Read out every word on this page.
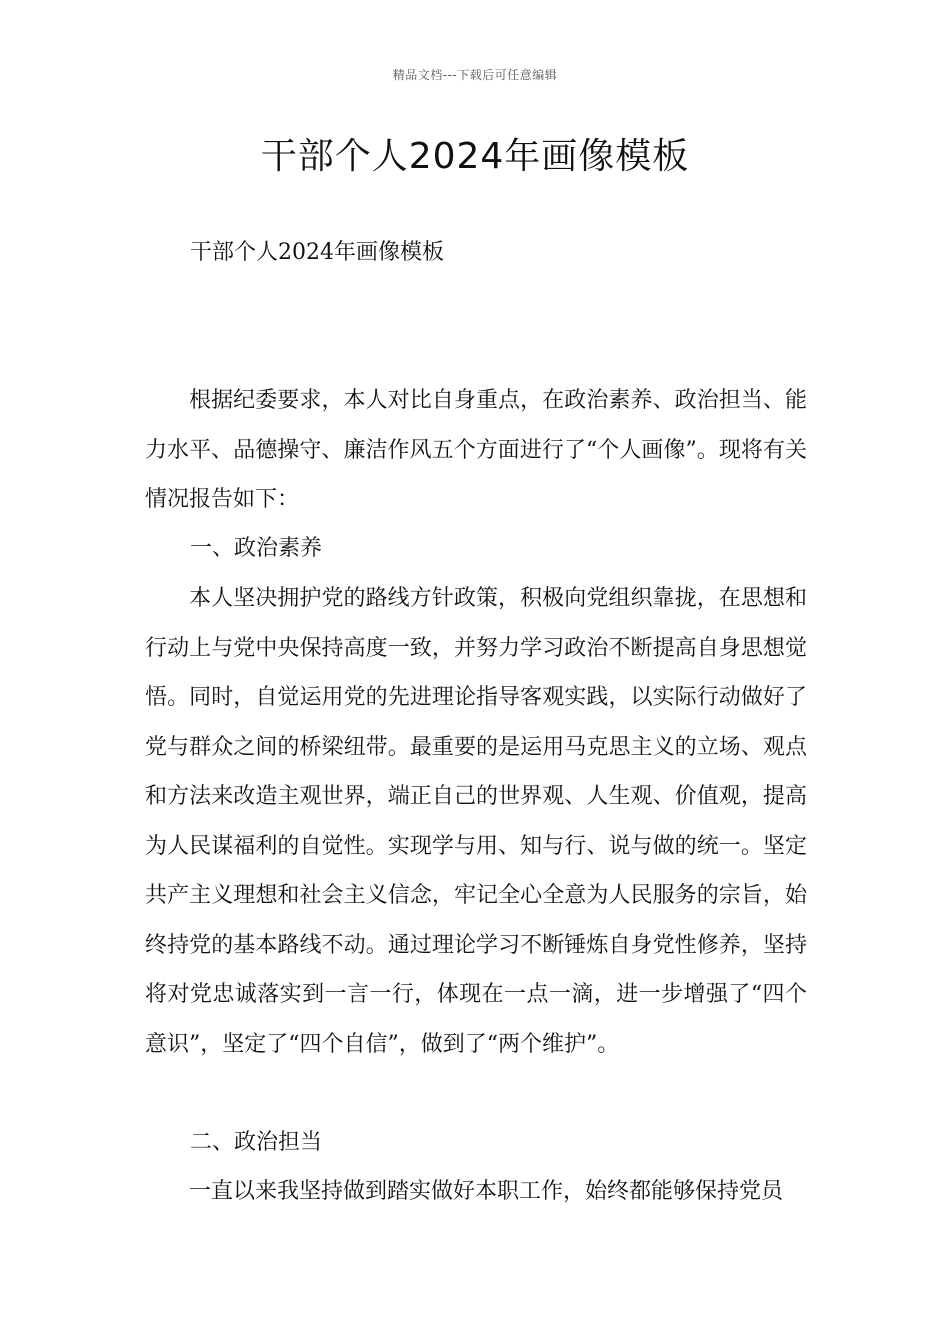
精品文档---下载后可任意编辑
干部个人2024年画像模板

干部个人2024年画像模板

根据纪委要求，本人对比自身重点，在政治素养、政治担当、能力水平、品德操守、廉洁作风五个方面进行了“个人画像”。现将有关情况报告如下：

一、政治素养

本人坚决拥护党的路线方针政策，积极向党组织靠拢，在思想和行动上与党中央保持高度一致，并努力学习政治不断提高自身思想觉悟。同时，自觉运用党的先进理论指导客观实践，以实际行动做好了党与群众之间的桥梁纽带。最重要的是运用马克思主义的立场、观点和方法来改造主观世界，端正自己的世界观、人生观、价值观，提高为人民谋福利的自觉性。实现学与用、知与行、说与做的统一。坚定共产主义理想和社会主义信念，牢记全心全意为人民服务的宗旨，始终持党的基本路线不动。通过理论学习不断锤炼自身党性修养，坚持将对党忠诚落实到一言一行，体现在一点一滴，进一步增强了“四个意识”，坚定了“四个自信”，做到了“两个维护”。

二、政治担当

一直以来我坚持做到踏实做好本职工作，始终都能够保持党员
